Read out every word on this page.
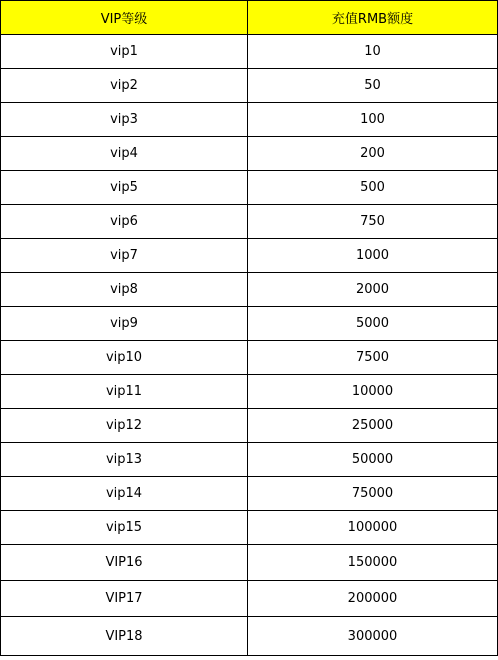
VIP等级	充值RMB额度
vip1	10
vip2	50
vip3	100
vip4	200
vip5	500
vip6	750
vip7	1000
vip8	2000
vip9	5000
vip10	7500
vip11	10000
vip12	25000
vip13	50000
vip14	75000
vip15	100000
VIP16	150000
VIP17	200000
VIP18	300000
